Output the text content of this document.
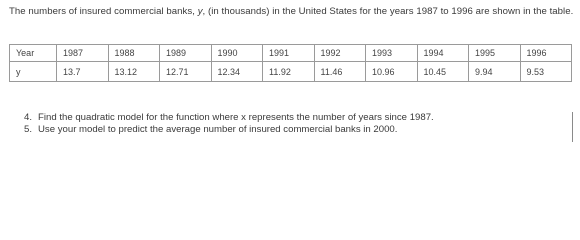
The numbers of insured commercial banks, y, (in thousands) in the United States for the years 1987 to 1996 are shown in the table.

Year	1987	1988	1989	1990	1991	1992	1993	1994	1995	1996
y	13.7	13.12	12.71	12.34	11.92	11.46	10.96	10.45	9.94	9.53
4. Find the quadratic model for the function where x represents the number of years since 1987.
5. Use your model to predict the average number of insured commercial banks in 2000.
